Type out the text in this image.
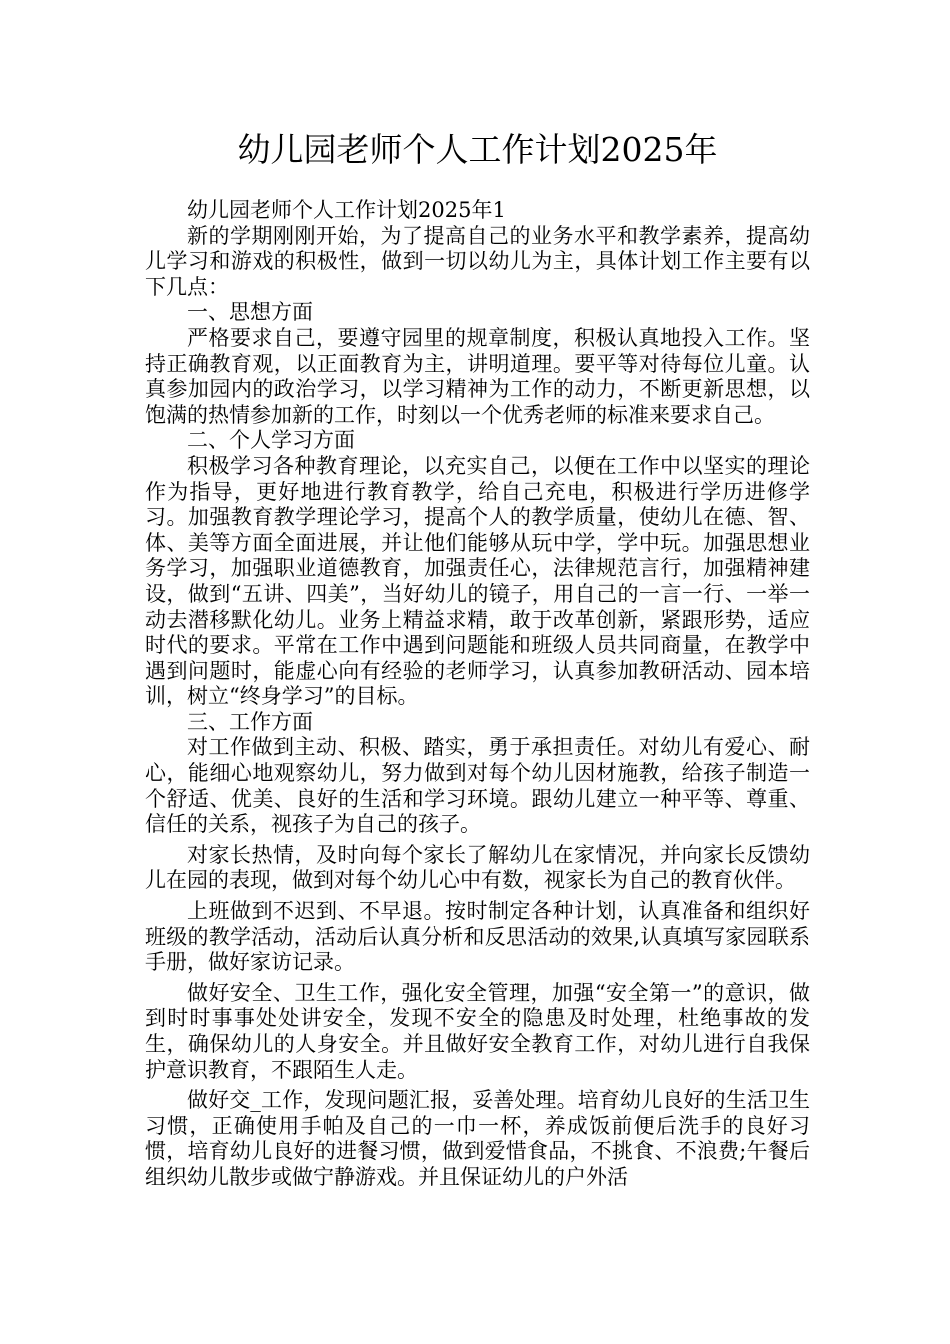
幼儿园老师个人工作计划2025年

幼儿园老师个人工作计划2025年1

新的学期刚刚开始，为了提高自己的业务水平和教学素养，提高幼儿学习和游戏的积极性，做到一切以幼儿为主，具体计划工作主要有以下几点：

一、思想方面

严格要求自己，要遵守园里的规章制度，积极认真地投入工作。坚持正确教育观，以正面教育为主，讲明道理。要平等对待每位儿童。认真参加园内的政治学习，以学习精神为工作的动力，不断更新思想，以饱满的热情参加新的工作，时刻以一个优秀老师的标准来要求自己。

二、个人学习方面

积极学习各种教育理论，以充实自己，以便在工作中以坚实的理论作为指导，更好地进行教育教学，给自己充电，积极进行学历进修学习。加强教育教学理论学习，提高个人的教学质量，使幼儿在德、智、体、美等方面全面进展，并让他们能够从玩中学，学中玩。加强思想业务学习，加强职业道德教育，加强责任心，法律规范言行，加强精神建设，做到“五讲、四美”，当好幼儿的镜子，用自己的一言一行、一举一动去潜移默化幼儿。业务上精益求精，敢于改革创新，紧跟形势，适应时代的要求。平常在工作中遇到问题能和班级人员共同商量，在教学中遇到问题时，能虚心向有经验的老师学习，认真参加教研活动、园本培训，树立“终身学习”的目标。

三、工作方面

对工作做到主动、积极、踏实，勇于承担责任。对幼儿有爱心、耐心，能细心地观察幼儿，努力做到对每个幼儿因材施教，给孩子制造一个舒适、优美、良好的生活和学习环境。跟幼儿建立一种平等、尊重、信任的关系，视孩子为自己的孩子。

对家长热情，及时向每个家长了解幼儿在家情况，并向家长反馈幼儿在园的表现，做到对每个幼儿心中有数，视家长为自己的教育伙伴。

上班做到不迟到、不早退。按时制定各种计划，认真准备和组织好班级的教学活动，活动后认真分析和反思活动的效果,认真填写家园联系手册，做好家访记录。

做好安全、卫生工作，强化安全管理，加强“安全第一”的意识，做到时时事事处处讲安全，发现不安全的隐患及时处理，杜绝事故的发生，确保幼儿的人身安全。并且做好安全教育工作，对幼儿进行自我保护意识教育，不跟陌生人走。

做好交_工作，发现问题汇报，妥善处理。培育幼儿良好的生活卫生习惯，正确使用手帕及自己的一巾一杯，养成饭前便后洗手的良好习惯，培育幼儿良好的进餐习惯，做到爱惜食品，不挑食、不浪费;午餐后组织幼儿散步或做宁静游戏。并且保证幼儿的户外活
